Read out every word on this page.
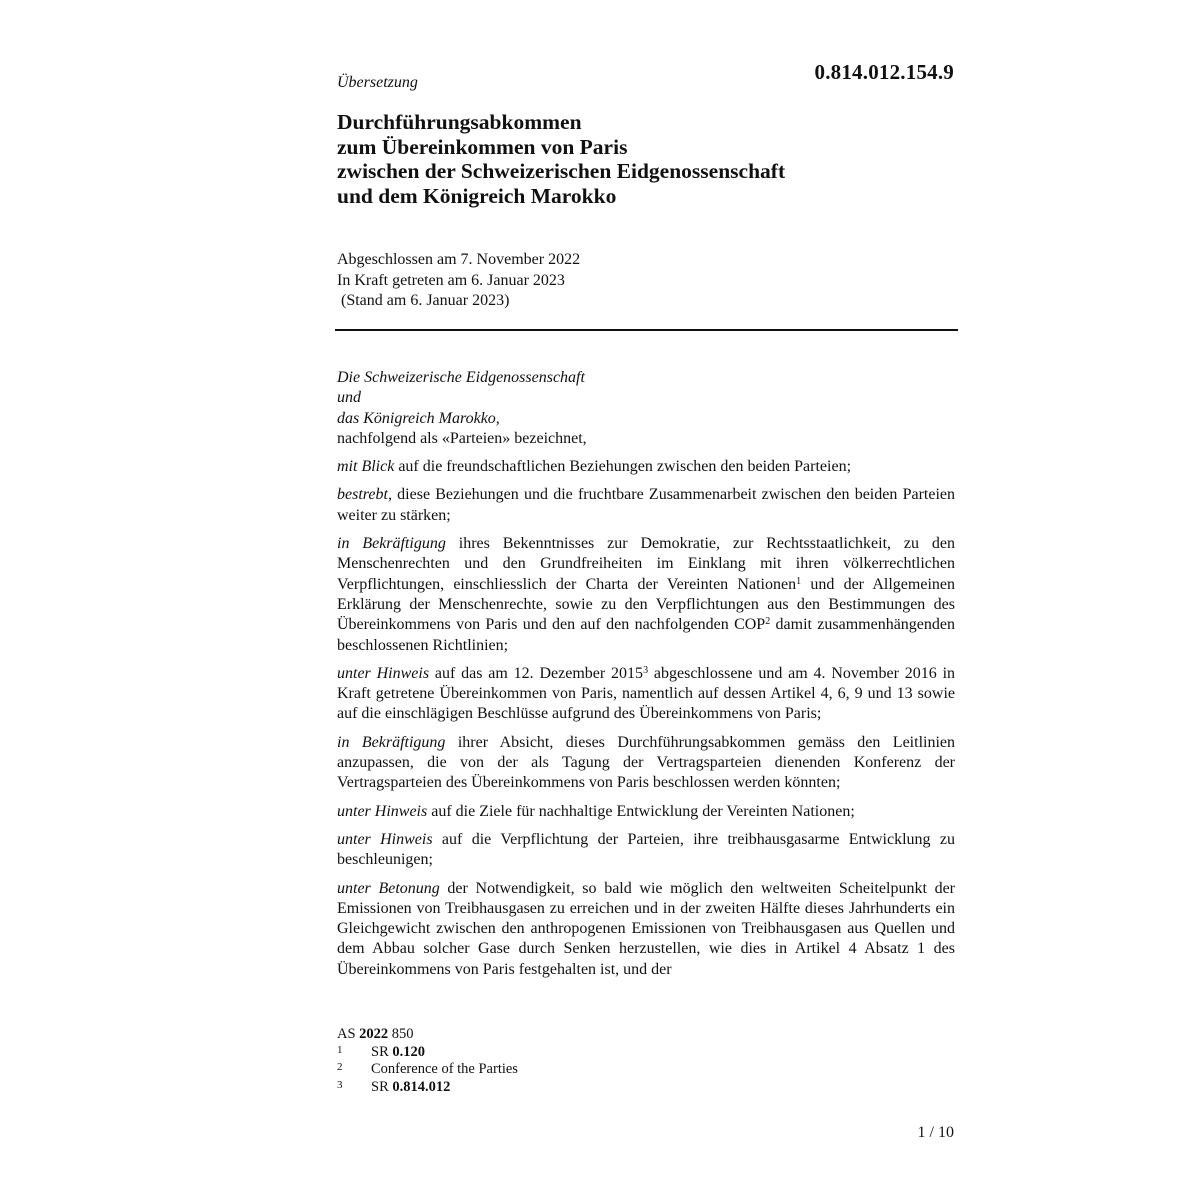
0.814.012.154.9
Übersetzung
Durchführungsabkommen
zum Übereinkommen von Paris
zwischen der Schweizerischen Eidgenossenschaft
und dem Königreich Marokko
Abgeschlossen am 7. November 2022
In Kraft getreten am 6. Januar 2023
(Stand am 6. Januar 2023)

Die Schweizerische Eidgenossenschaft
und
das Königreich Marokko,
nachfolgend als «Parteien» bezeichnet,

mit Blick auf die freundschaftlichen Beziehungen zwischen den beiden Parteien;

bestrebt, diese Beziehungen und die fruchtbare Zusammenarbeit zwischen den beiden Parteien weiter zu stärken;

in Bekräftigung ihres Bekenntnisses zur Demokratie, zur Rechtsstaatlichkeit, zu den Menschenrechten und den Grundfreiheiten im Einklang mit ihren völkerrechtlichen Verpflichtungen, einschliesslich der Charta der Vereinten Nationen$^1$ und der Allgemeinen Erklärung der Menschenrechte, sowie zu den Verpflichtungen aus den Bestimmungen des Übereinkommens von Paris und den auf den nachfolgenden COP$^2$ damit zusammenhängenden beschlossenen Richtlinien;

unter Hinweis auf das am 12. Dezember 2015$^3$ abgeschlossene und am 4. November 2016 in Kraft getretene Übereinkommen von Paris, namentlich auf dessen Artikel 4, 6, 9 und 13 sowie auf die einschlägigen Beschlüsse aufgrund des Übereinkommens von Paris;

in Bekräftigung ihrer Absicht, dieses Durchführungsabkommen gemäss den Leitlinien anzupassen, die von der als Tagung der Vertragsparteien dienenden Konferenz der Vertragsparteien des Übereinkommens von Paris beschlossen werden könnten;

unter Hinweis auf die Ziele für nachhaltige Entwicklung der Vereinten Nationen;

unter Hinweis auf die Verpflichtung der Parteien, ihre treibhausgasarme Entwicklung zu beschleunigen;

unter Betonung der Notwendigkeit, so bald wie möglich den weltweiten Scheitelpunkt der Emissionen von Treibhausgasen zu erreichen und in der zweiten Hälfte dieses Jahrhunderts ein Gleichgewicht zwischen den anthropogenen Emissionen von Treibhausgasen aus Quellen und dem Abbau solcher Gase durch Senken herzustellen, wie dies in Artikel 4 Absatz 1 des Übereinkommens von Paris festgehalten ist, und der

AS 2022 850
1	SR 0.120
2	Conference of the Parties
3	SR 0.814.012
1 / 10
